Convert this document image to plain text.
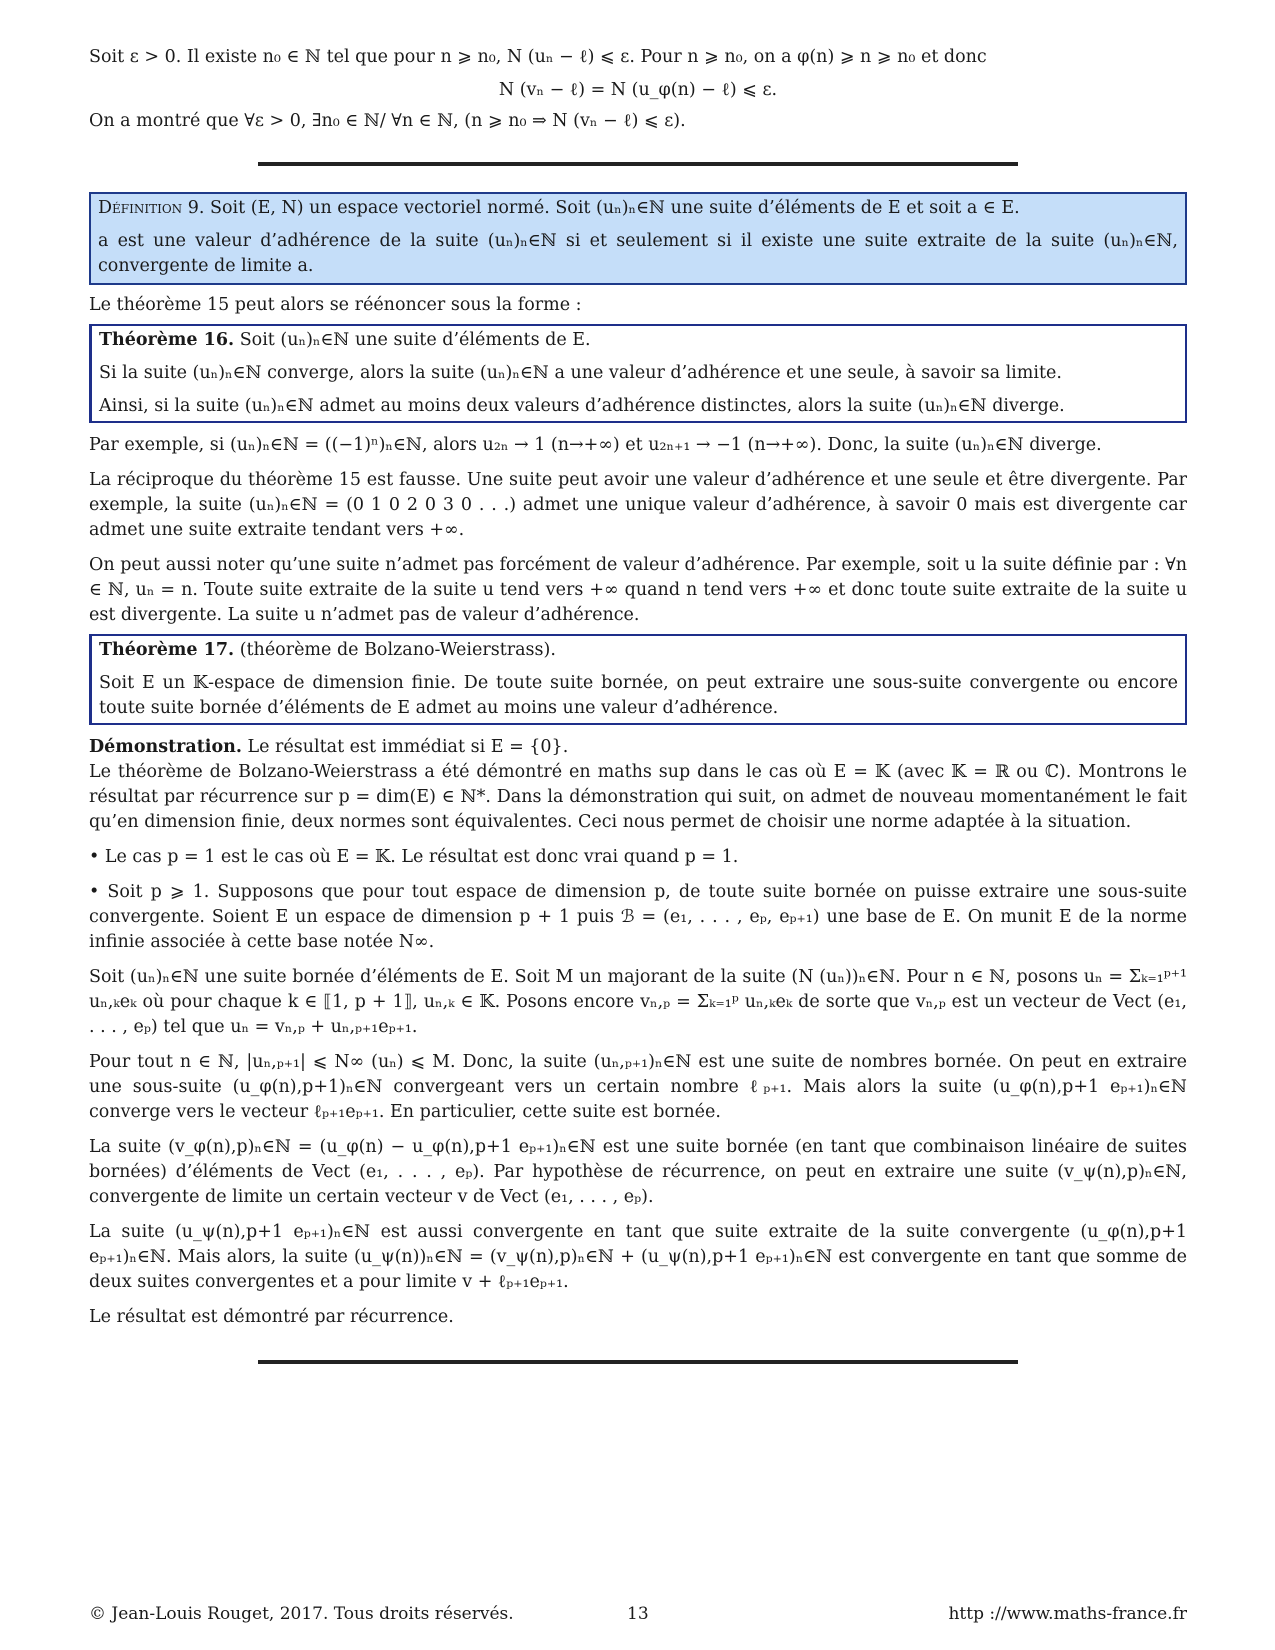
Soit ε > 0. Il existe n₀ ∈ ℕ tel que pour n ⩾ n₀, N (uₙ − ℓ) ⩽ ε. Pour n ⩾ n₀, on a φ(n) ⩾ n ⩾ n₀ et donc

N (vₙ − ℓ) = N (u_φ(n) − ℓ) ⩽ ε.

On a montré que ∀ε > 0, ∃n₀ ∈ ℕ/ ∀n ∈ ℕ, (n ⩾ n₀ ⇒ N (vₙ − ℓ) ⩽ ε).

Définition 9. Soit (E, N) un espace vectoriel normé. Soit (uₙ)ₙ∈ℕ une suite d’éléments de E et soit a ∈ E.

a est une valeur d’adhérence de la suite (uₙ)ₙ∈ℕ si et seulement si il existe une suite extraite de la suite (uₙ)ₙ∈ℕ, convergente de limite a.

Le théorème 15 peut alors se réénoncer sous la forme :

Théorème 16. Soit (uₙ)ₙ∈ℕ une suite d’éléments de E.

Si la suite (uₙ)ₙ∈ℕ converge, alors la suite (uₙ)ₙ∈ℕ a une valeur d’adhérence et une seule, à savoir sa limite.

Ainsi, si la suite (uₙ)ₙ∈ℕ admet au moins deux valeurs d’adhérence distinctes, alors la suite (uₙ)ₙ∈ℕ diverge.

Par exemple, si (uₙ)ₙ∈ℕ = ((−1)ⁿ)ₙ∈ℕ, alors u₂ₙ → 1 (n→+∞) et u₂ₙ₊₁ → −1 (n→+∞). Donc, la suite (uₙ)ₙ∈ℕ diverge.

La réciproque du théorème 15 est fausse. Une suite peut avoir une valeur d’adhérence et une seule et être divergente. Par exemple, la suite (uₙ)ₙ∈ℕ = (0 1 0 2 0 3 0 . . .) admet une unique valeur d’adhérence, à savoir 0 mais est divergente car admet une suite extraite tendant vers +∞.

On peut aussi noter qu’une suite n’admet pas forcément de valeur d’adhérence. Par exemple, soit u la suite définie par : ∀n ∈ ℕ, uₙ = n. Toute suite extraite de la suite u tend vers +∞ quand n tend vers +∞ et donc toute suite extraite de la suite u est divergente. La suite u n’admet pas de valeur d’adhérence.

Théorème 17. (théorème de Bolzano-Weierstrass).

Soit E un 𝕂-espace de dimension finie. De toute suite bornée, on peut extraire une sous-suite convergente ou encore toute suite bornée d’éléments de E admet au moins une valeur d’adhérence.

Démonstration. Le résultat est immédiat si E = {0}.

Le théorème de Bolzano-Weierstrass a été démontré en maths sup dans le cas où E = 𝕂 (avec 𝕂 = ℝ ou ℂ). Montrons le résultat par récurrence sur p = dim(E) ∈ ℕ*. Dans la démonstration qui suit, on admet de nouveau momentanément le fait qu’en dimension finie, deux normes sont équivalentes. Ceci nous permet de choisir une norme adaptée à la situation.

• Le cas p = 1 est le cas où E = 𝕂. Le résultat est donc vrai quand p = 1.

• Soit p ⩾ 1. Supposons que pour tout espace de dimension p, de toute suite bornée on puisse extraire une sous-suite convergente. Soient E un espace de dimension p + 1 puis ℬ = (e₁, . . . , eₚ, eₚ₊₁) une base de E. On munit E de la norme infinie associée à cette base notée N∞.

Soit (uₙ)ₙ∈ℕ une suite bornée d’éléments de E. Soit M un majorant de la suite (N (uₙ))ₙ∈ℕ. Pour n ∈ ℕ, posons uₙ = Σₖ₌₁ᵖ⁺¹ uₙ,ₖeₖ où pour chaque k ∈ ⟦1, p + 1⟧, uₙ,ₖ ∈ 𝕂. Posons encore vₙ,ₚ = Σₖ₌₁ᵖ uₙ,ₖeₖ de sorte que vₙ,ₚ est un vecteur de Vect (e₁, . . . , eₚ) tel que uₙ = vₙ,ₚ + uₙ,ₚ₊₁eₚ₊₁.

Pour tout n ∈ ℕ, |uₙ,ₚ₊₁| ⩽ N∞ (uₙ) ⩽ M. Donc, la suite (uₙ,ₚ₊₁)ₙ∈ℕ est une suite de nombres bornée. On peut en extraire une sous-suite (u_φ(n),p+1)ₙ∈ℕ convergeant vers un certain nombre ℓₚ₊₁. Mais alors la suite (u_φ(n),p+1 eₚ₊₁)ₙ∈ℕ converge vers le vecteur ℓₚ₊₁eₚ₊₁. En particulier, cette suite est bornée.

La suite (v_φ(n),p)ₙ∈ℕ = (u_φ(n) − u_φ(n),p+1 eₚ₊₁)ₙ∈ℕ est une suite bornée (en tant que combinaison linéaire de suites bornées) d’éléments de Vect (e₁, . . . , eₚ). Par hypothèse de récurrence, on peut en extraire une suite (v_ψ(n),p)ₙ∈ℕ, convergente de limite un certain vecteur v de Vect (e₁, . . . , eₚ).

La suite (u_ψ(n),p+1 eₚ₊₁)ₙ∈ℕ est aussi convergente en tant que suite extraite de la suite convergente (u_φ(n),p+1 eₚ₊₁)ₙ∈ℕ. Mais alors, la suite (u_ψ(n))ₙ∈ℕ = (v_ψ(n),p)ₙ∈ℕ + (u_ψ(n),p+1 eₚ₊₁)ₙ∈ℕ est convergente en tant que somme de deux suites convergentes et a pour limite v + ℓₚ₊₁eₚ₊₁.

Le résultat est démontré par récurrence.

© Jean-Louis Rouget, 2017. Tous droits réservés.	13	http ://www.maths-france.fr
